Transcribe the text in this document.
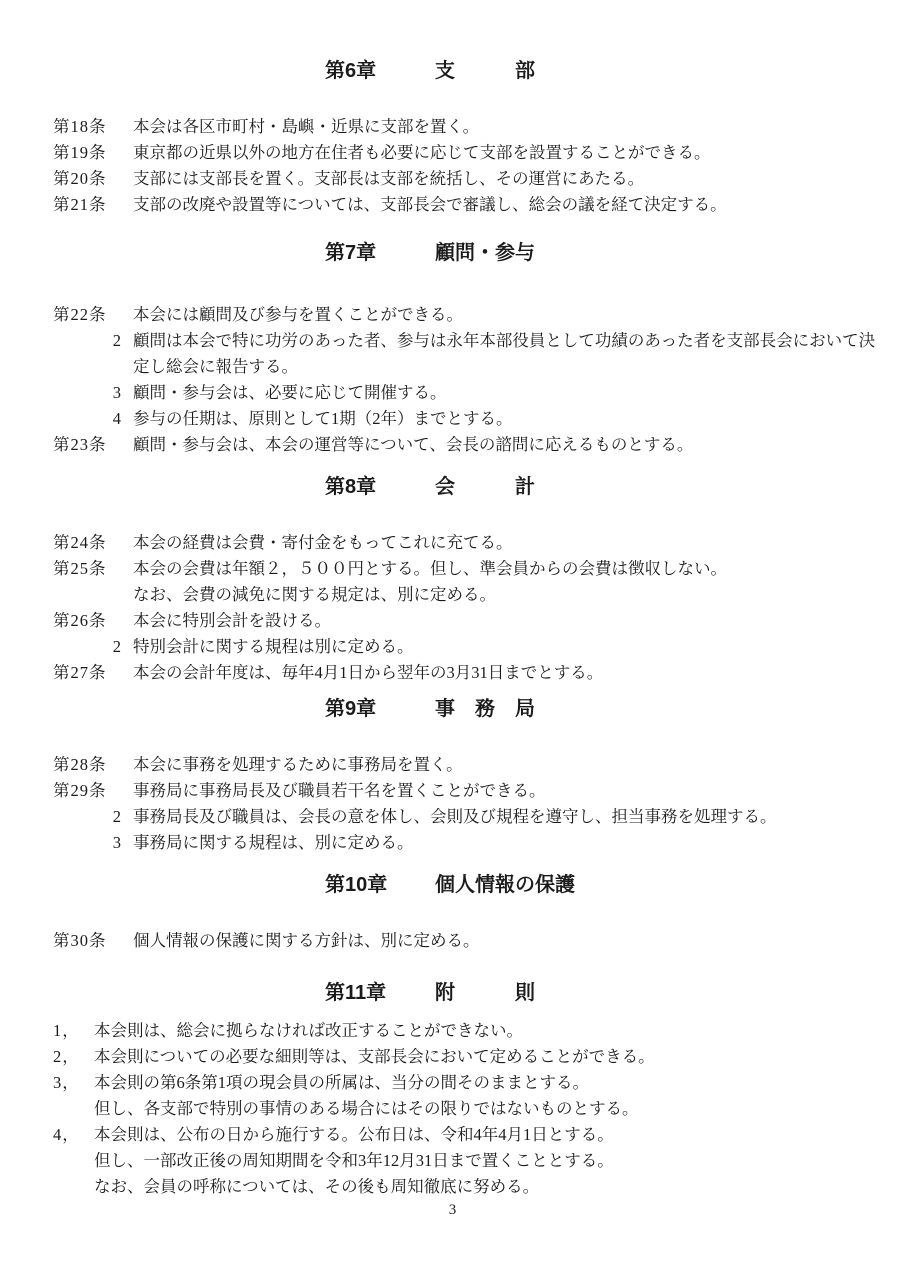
第6章	支　　　部
第18条	本会は各区市町村・島嶼・近県に支部を置く。
第19条	東京都の近県以外の地方在住者も必要に応じて支部を設置することができる。
第20条	支部には支部長を置く。支部長は支部を統括し、その運営にあたる。
第21条	支部の改廃や設置等については、支部長会で審議し、総会の議を経て決定する。
第7章	顧問・参与
第22条	本会には顧問及び参与を置くことができる。
2 顧問は本会で特に功労のあった者、参与は永年本部役員として功績のあった者を支部長会において決
定し総会に報告する。
3 顧問・参与会は、必要に応じて開催する。
4 参与の任期は、原則として1期（2年）までとする。
第23条	顧問・参与会は、本会の運営等について、会長の諮問に応えるものとする。
第8章	会　　　計
第24条	本会の経費は会費・寄付金をもってこれに充てる。
第25条	本会の会費は年額２，５００円とする。但し、準会員からの会費は徴収しない。
なお、会費の減免に関する規定は、別に定める。
第26条	本会に特別会計を設ける。
2 特別会計に関する規程は別に定める。
第27条	本会の会計年度は、毎年4月1日から翌年の3月31日までとする。
第9章	事　務　局
第28条	本会に事務を処理するために事務局を置く。
第29条	事務局に事務局長及び職員若干名を置くことができる。
2 事務局長及び職員は、会長の意を体し、会則及び規程を遵守し、担当事務を処理する。
3 事務局に関する規程は、別に定める。
第10章	個人情報の保護
第30条	個人情報の保護に関する方針は、別に定める。
第11章	附　　　則
1， 本会則は、総会に拠らなければ改正することができない。
2， 本会則についての必要な細則等は、支部長会において定めることができる。
3， 本会則の第6条第1項の現会員の所属は、当分の間そのままとする。
但し、各支部で特別の事情のある場合にはその限りではないものとする。
4， 本会則は、公布の日から施行する。公布日は、令和4年4月1日とする。
但し、一部改正後の周知期間を令和3年12月31日まで置くこととする。
なお、会員の呼称については、その後も周知徹底に努める。
3
